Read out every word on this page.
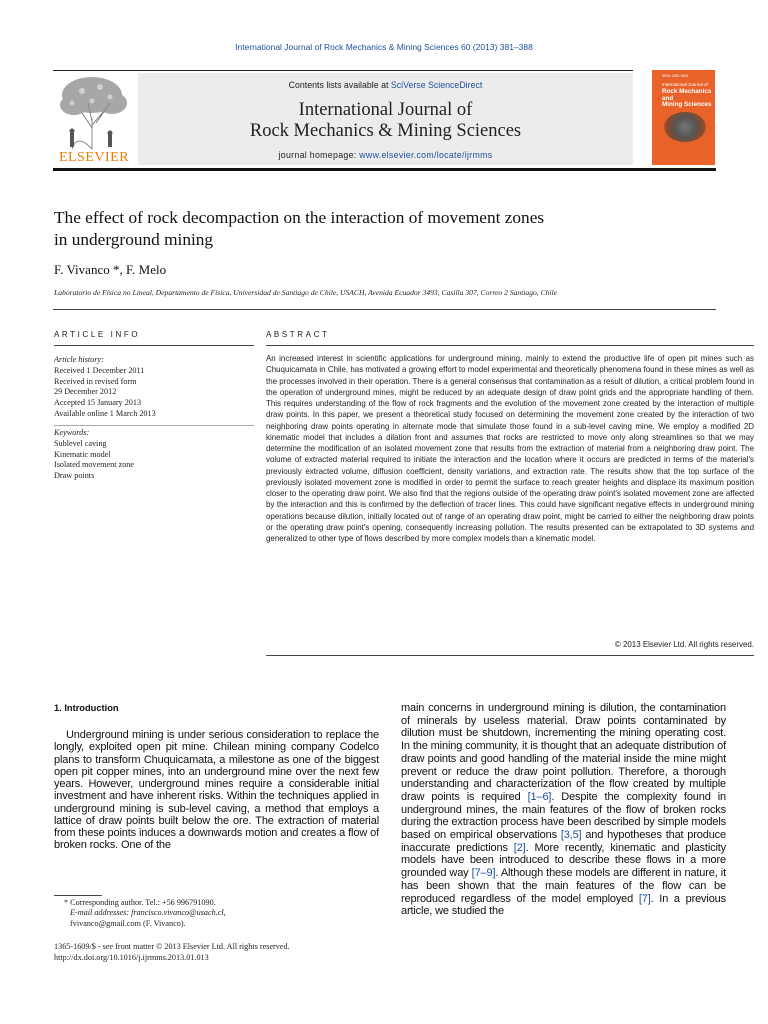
International Journal of Rock Mechanics & Mining Sciences 60 (2013) 381–388
ELSEVIER
Contents lists available at SciVerse ScienceDirect
International Journal of
Rock Mechanics & Mining Sciences
journal homepage: www.elsevier.com/locate/ijrmms
ISSN 1365-1609
International Journal of
Rock Mechanics
and
Mining Sciences
The effect of rock decompaction on the interaction of movement zones
in underground mining
F. Vivanco *, F. Melo
Laboratorio de Física no Lineal, Departamento de Física, Universidad de Santiago de Chile, USACH, Avenida Ecuador 3493, Casilla 307, Correo 2 Santiago, Chile
ARTICLE INFO
Article history:
Received 1 December 2011
Received in revised form
29 December 2012
Accepted 15 January 2013
Available online 1 March 2013
Keywords:
Sublevel caving
Kinematic model
Isolated movement zone
Draw points
ABSTRACT
An increased interest in scientific applications for underground mining, mainly to extend the productive life of open pit mines such as Chuquicamata in Chile, has motivated a growing effort to model experimental and theoretically phenomena found in these mines as well as the processes involved in their operation. There is a general consensus that contamination as a result of dilution, a critical problem found in the operation of underground mines, might be reduced by an adequate design of draw point grids and the appropriate handling of them. This requires understanding of the flow of rock fragments and the evolution of the movement zone created by the interaction of multiple draw points. In this paper, we present a theoretical study focused on determining the movement zone created by the interaction of two neighboring draw points operating in alternate mode that simulate those found in a sub-level caving mine. We employ a modified 2D kinematic model that includes a dilation front and assumes that rocks are restricted to move only along streamlines so that we may determine the modification of an isolated movement zone that results from the extraction of material from a neighboring draw point. The volume of extracted material required to initiate the interaction and the location where it occurs are predicted in terms of the material's previously extracted volume, diffusion coefficient, density variations, and extraction rate. The results show that the top surface of the previously isolated movement zone is modified in order to permit the surface to reach greater heights and displace its maximum position closer to the operating draw point. We also find that the regions outside of the operating draw point's isolated movement zone are affected by the interaction and this is confirmed by the deflection of tracer lines. This could have significant negative effects in underground mining operations because dilution, initially located out of range of an operating draw point, might be carried to either the neighboring draw points or the operating draw point's opening, consequently increasing pollution. The results presented can be extrapolated to 3D systems and generalized to other type of flows described by more complex models than a kinematic model.
© 2013 Elsevier Ltd. All rights reserved.
1. Introduction

Underground mining is under serious consideration to replace the longly, exploited open pit mine. Chilean mining company Codelco plans to transform Chuquicamata, a milestone as one of the biggest open pit copper mines, into an underground mine over the next few years. However, underground mines require a considerable initial investment and have inherent risks. Within the techniques applied in underground mining is sub-level caving, a method that employs a lattice of draw points built below the ore. The extraction of material from these points induces a downwards motion and creates a flow of broken rocks. One of the

main concerns in underground mining is dilution, the contamination of minerals by useless material. Draw points contaminated by dilution must be shutdown, incrementing the mining operating cost. In the mining community, it is thought that an adequate distribution of draw points and good handling of the material inside the mine might prevent or reduce the draw point pollution. Therefore, a thorough understanding and characterization of the flow created by multiple draw points is required [1–6]. Despite the complexity found in underground mines, the main features of the flow of broken rocks during the extraction process have been described by simple models based on empirical observations [3,5] and hypotheses that produce inaccurate predictions [2]. More recently, kinematic and plasticity models have been introduced to describe these flows in a more grounded way [7–9]. Although these models are different in nature, it has been shown that the main features of the flow can be reproduced regardless of the model employed [7]. In a previous article, we studied the

* Corresponding author. Tel.: +56 996791090.
E-mail addresses: francisco.vivanco@usach.cl,
fvivanco@gmail.com (F. Vivanco).
1365-1609/$ - see front matter © 2013 Elsevier Ltd. All rights reserved.
http://dx.doi.org/10.1016/j.ijrmms.2013.01.013
